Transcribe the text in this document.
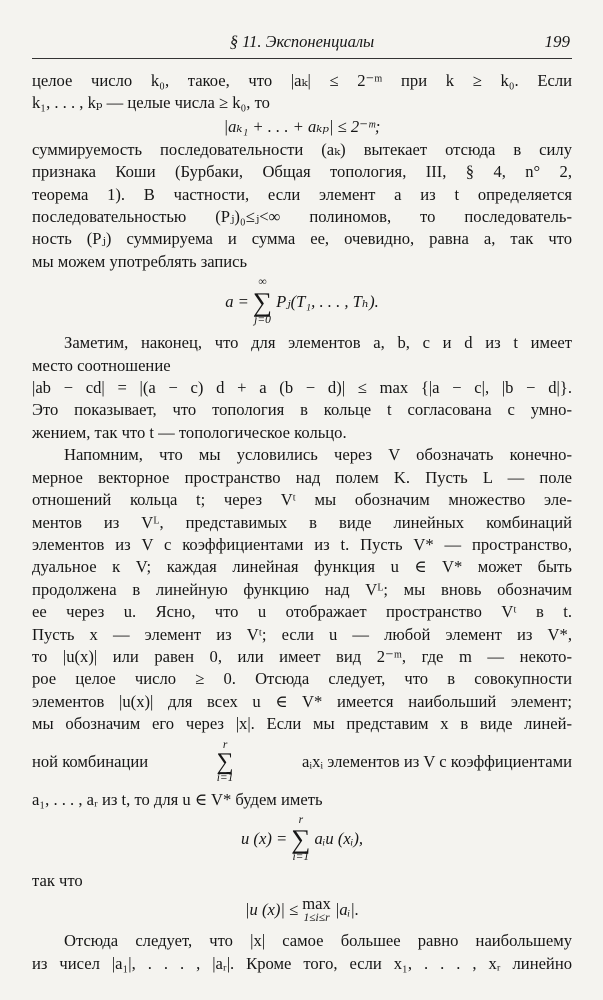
§ 11. Экспоненциалы	199

целое число k₀, такое, что |aₖ| ≤ 2⁻ᵐ при k ≥ k₀. Если

k₁, . . . , kₚ — целые числа ≥ k₀, то

|aₖ₁ + . . . + aₖₚ| ≤ 2⁻ᵐ;

суммируемость последовательности (aₖ) вытекает отсюда в силу

признака Коши (Бурбаки, Общая топология, III, § 4, n° 2,

теорема 1). В частности, если элемент a из t определяется

последовательностью (Pⱼ)₀≤ⱼ<∞ полиномов, то последователь-

ность (Pⱼ) суммируема и сумма ее, очевидно, равна a, так что

мы можем употреблять запись

a =
∞
∑
j=0
Pⱼ(T₁, . . . , Tₕ).

Заметим, наконец, что для элементов a, b, c и d из t имеет

место соотношение

|ab − cd| = |(a − c) d + a (b − d)| ≤ max {|a − c|, |b − d|}.

Это показывает, что топология в кольце t согласована с умно-

жением, так что t — топологическое кольцо.

Напомним, что мы условились через V обозначать конечно-

мерное векторное пространство над полем K. Пусть L — поле

отношений кольца t; через Vᵗ мы обозначим множество эле-

ментов из Vᴸ, представимых в виде линейных комбинаций

элементов из V с коэффициентами из t. Пусть V* — пространство,

дуальное к V; каждая линейная функция u ∈ V* может быть

продолжена в линейную функцию над Vᴸ; мы вновь обозначим

ее через u. Ясно, что u отображает пространство Vᵗ в t.

Пусть x — элемент из Vᵗ; если u — любой элемент из V*,

то |u(x)| или равен 0, или имеет вид 2⁻ᵐ, где m — некото-

рое целое число ≥ 0. Отсюда следует, что в совокупности

элементов |u(x)| для всех u ∈ V* имеется наибольший элемент;

мы обозначим его через |x|. Если мы представим x в виде линей-

ной комбинации
r
∑
i=1
aᵢxᵢ элементов из V с коэффициентами

a₁, . . . , aᵣ из t, то для u ∈ V* будем иметь

u (x) =
r
∑
i=1
aᵢu (xᵢ),

так что

|u (x)| ≤ max
1≤i≤r |aᵢ|.

Отсюда следует, что |x| самое большее равно наибольшему

из чисел |a₁|, . . . , |aᵣ|. Кроме того, если x₁, . . . , xᵣ линейно
